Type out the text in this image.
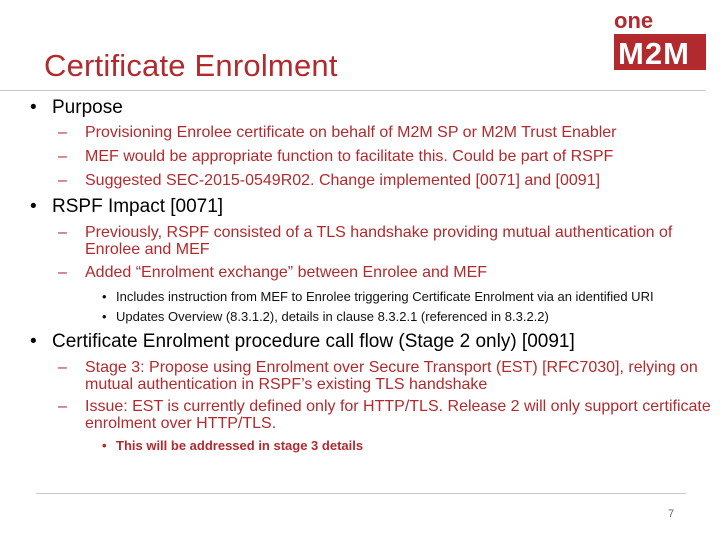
Certificate Enrolment
one
M2M
• Purpose
– Provisioning Enrolee certificate on behalf of M2M SP or M2M Trust Enabler
– MEF would be appropriate function to facilitate this. Could be part of RSPF
– Suggested SEC-2015-0549R02. Change implemented [0071] and [0091]
• RSPF Impact [0071]
– Previously, RSPF consisted of a TLS handshake providing mutual authentication of Enrolee and MEF
– Added “Enrolment exchange” between Enrolee and MEF
• Includes instruction from MEF to Enrolee triggering Certificate Enrolment via an identified URI
• Updates Overview (8.3.1.2), details in clause 8.3.2.1 (referenced in 8.3.2.2)
• Certificate Enrolment procedure call flow (Stage 2 only) [0091]
– Stage 3: Propose using Enrolment over Secure Transport (EST) [RFC7030], relying on mutual authentication in RSPF’s existing TLS handshake
– Issue: EST is currently defined only for HTTP/TLS. Release 2 will only support certificate enrolment over HTTP/TLS.
• This will be addressed in stage 3 details
7
